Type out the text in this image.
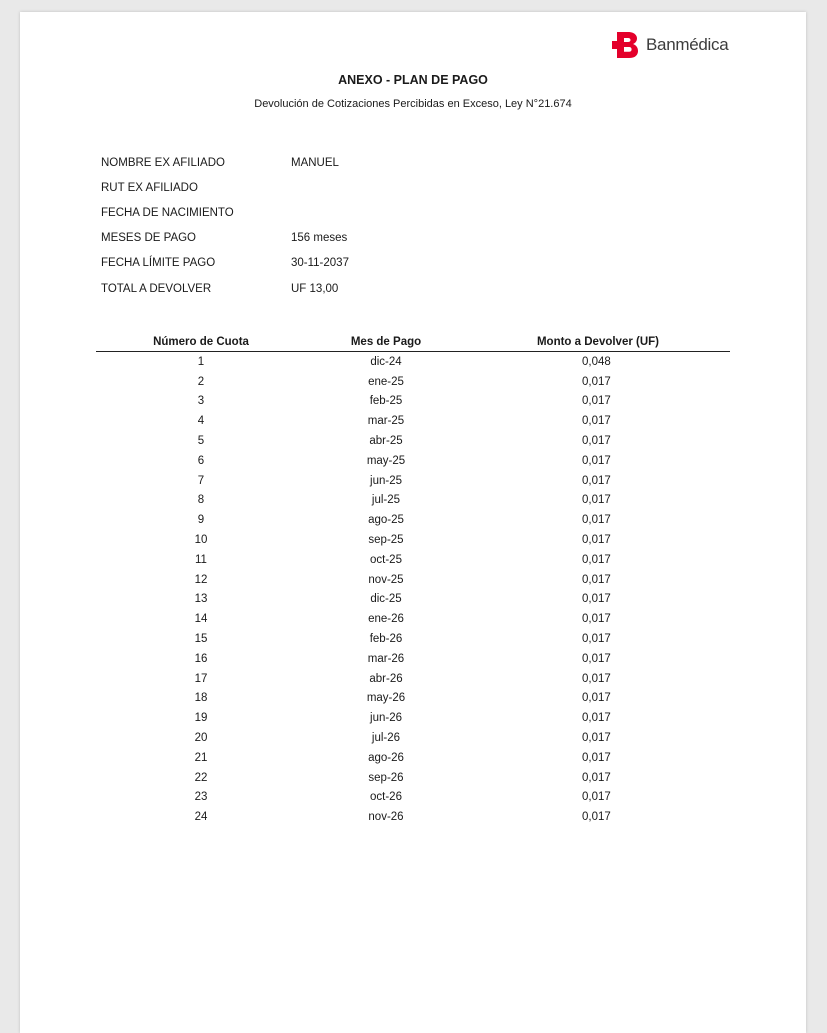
Banmédica
ANEXO - PLAN DE PAGO
Devolución de Cotizaciones Percibidas en Exceso, Ley N°21.674
NOMBRE EX AFILIADO	MANUEL
RUT EX AFILIADO
FECHA DE NACIMIENTO
MESES DE PAGO	156 meses
FECHA LÍMITE PAGO	30-11-2037
TOTAL A DEVOLVER	UF 13,00
Número de Cuota	Mes de Pago	Monto a Devolver (UF)
1	dic-24	0,048
2	ene-25	0,017
3	feb-25	0,017
4	mar-25	0,017
5	abr-25	0,017
6	may-25	0,017
7	jun-25	0,017
8	jul-25	0,017
9	ago-25	0,017
10	sep-25	0,017
11	oct-25	0,017
12	nov-25	0,017
13	dic-25	0,017
14	ene-26	0,017
15	feb-26	0,017
16	mar-26	0,017
17	abr-26	0,017
18	may-26	0,017
19	jun-26	0,017
20	jul-26	0,017
21	ago-26	0,017
22	sep-26	0,017
23	oct-26	0,017
24	nov-26	0,017
